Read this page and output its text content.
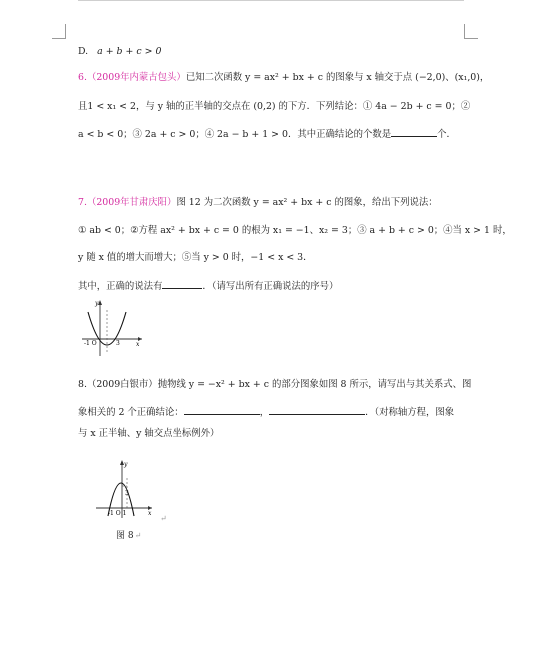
D. a + b + c > 0
6.（2009年内蒙古包头）已知二次函数 y = ax² + bx + c 的图象与 x 轴交于点 (−2,0)、(x₁,0)，
且1 < x₁ < 2，与 y 轴的正半轴的交点在 (0,2) 的下方．下列结论：① 4a − 2b + c = 0；②
a < b < 0；③ 2a + c > 0；④ 2a − b + 1 > 0．其中正确结论的个数是	个．
7.（2009年甘肃庆阳）图 12 为二次函数 y = ax² + bx + c 的图象，给出下列说法：
① ab < 0；②方程 ax² + bx + c = 0 的根为 x₁ = −1、x₂ = 3；③ a + b + c > 0；④当 x > 1 时，
y 随 x 值的增大而增大；⑤当 y > 0 时，−1 < x < 3．
其中，正确的说法有	．（请写出所有正确说法的序号）
y
-1 O	3	x
8.（2009白银市）抛物线 y = −x² + bx + c 的部分图象如图 8 所示，请写出与其关系式、图
象相关的 2 个正确结论：	，	．（对称轴方程，图象
与 x 正半轴、y 轴交点坐标例外）
y
-1 O 1
3
x
图 8↵
↵
